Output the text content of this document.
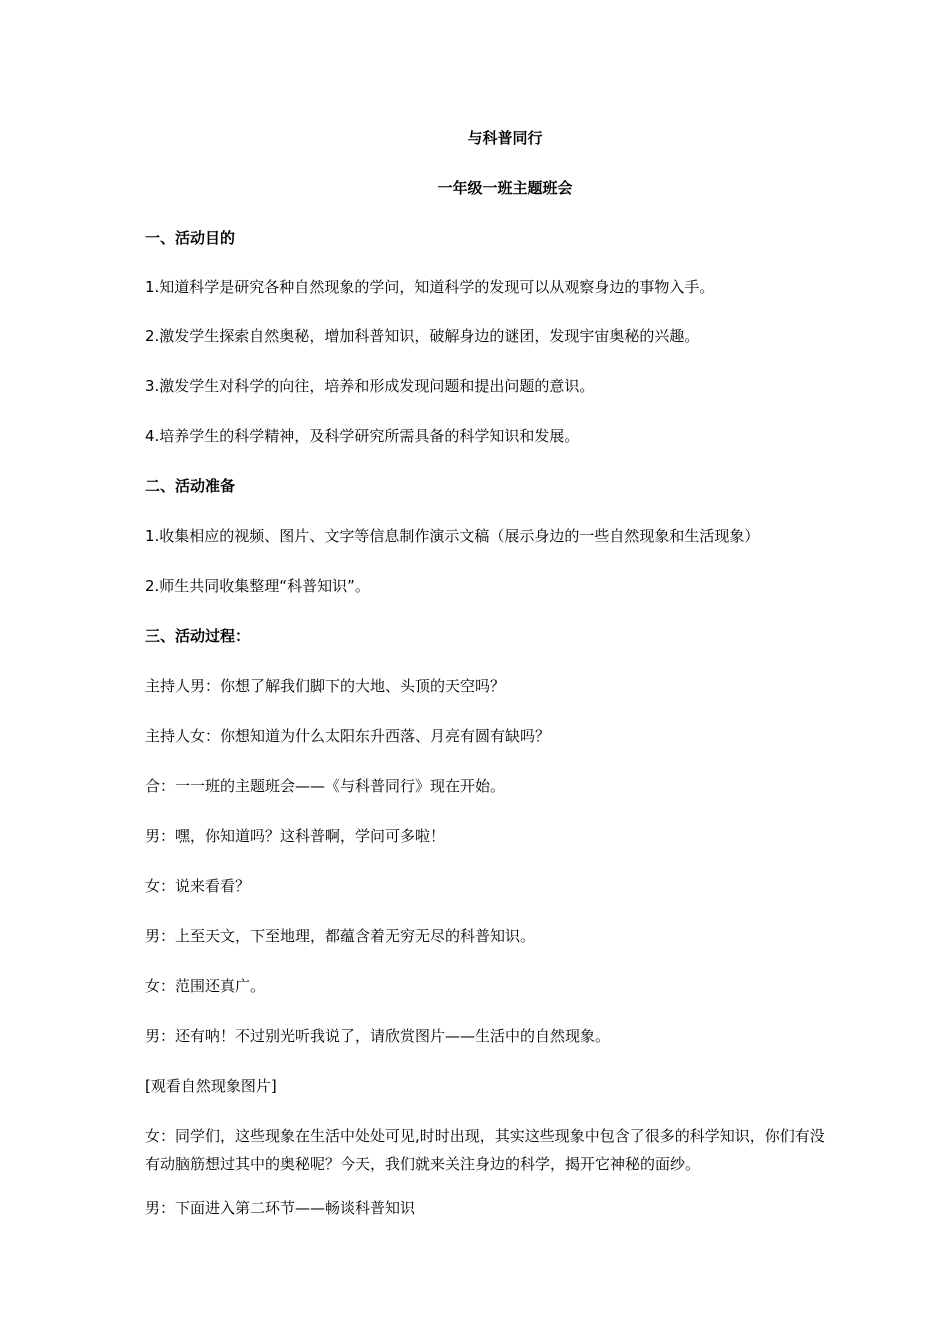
与科普同行
一年级一班主题班会
一、活动目的
1.知道科学是研究各种自然现象的学问，知道科学的发现可以从观察身边的事物入手。
2.激发学生探索自然奥秘，增加科普知识，破解身边的谜团，发现宇宙奥秘的兴趣。
3.激发学生对科学的向往，培养和形成发现问题和提出问题的意识。
4.培养学生的科学精神，及科学研究所需具备的科学知识和发展。
二、活动准备
1.收集相应的视频、图片、文字等信息制作演示文稿（展示身边的一些自然现象和生活现象）
2.师生共同收集整理“科普知识”。
三、活动过程：
主持人男：你想了解我们脚下的大地、头顶的天空吗？
主持人女：你想知道为什么太阳东升西落、月亮有圆有缺吗？
合：一一班的主题班会——《与科普同行》现在开始。
男：嘿，你知道吗？这科普啊，学问可多啦！
女：说来看看？
男：上至天文，下至地理，都蕴含着无穷无尽的科普知识。
女：范围还真广。
男：还有呐！不过别光听我说了，请欣赏图片——生活中的自然现象。
[观看自然现象图片]
女：同学们，这些现象在生活中处处可见,时时出现，其实这些现象中包含了很多的科学知识，你们有没有动脑筋想过其中的奥秘呢？今天，我们就来关注身边的科学，揭开它神秘的面纱。
男：下面进入第二环节——畅谈科普知识
